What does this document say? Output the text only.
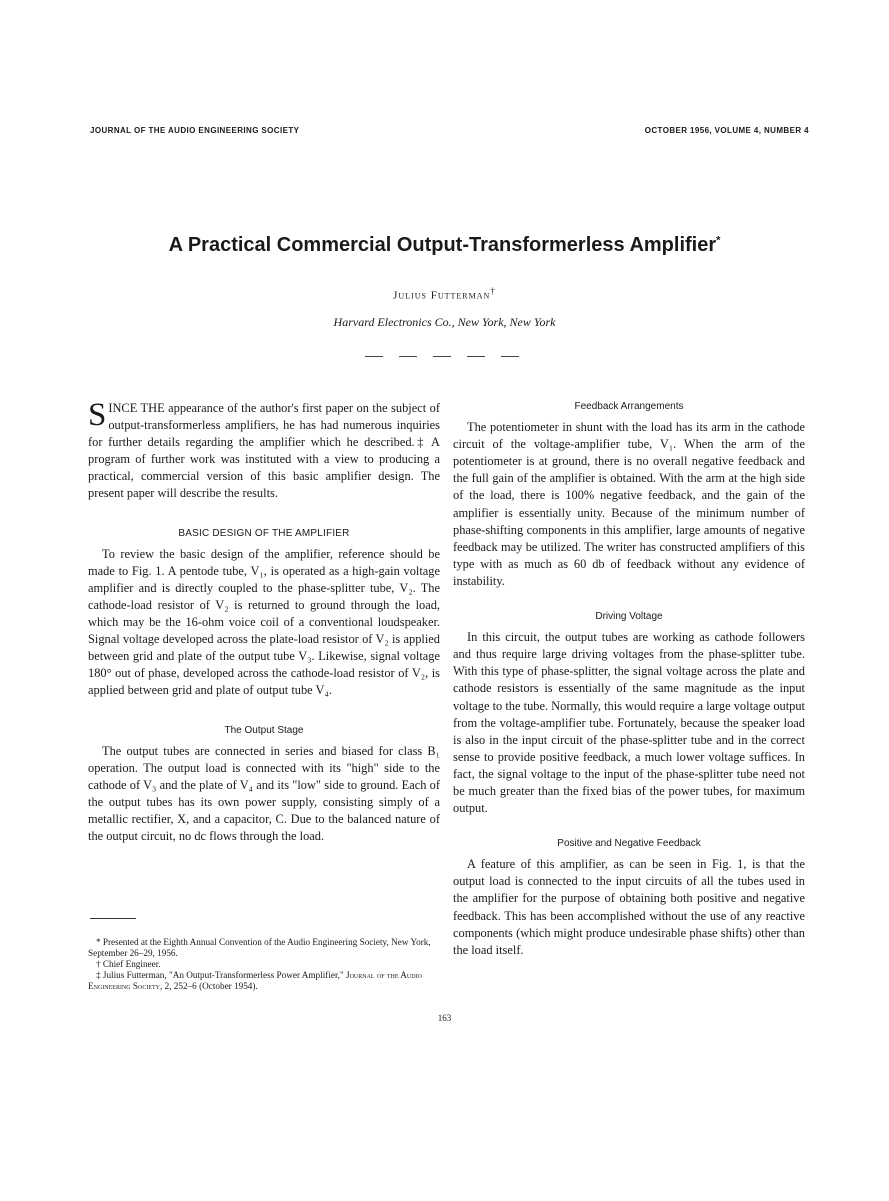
JOURNAL OF THE AUDIO ENGINEERING SOCIETY	OCTOBER 1956, VOLUME 4, NUMBER 4
A Practical Commercial Output-Transformerless Amplifier*
Julius Futterman†
Harvard Electronics Co., New York, New York

SINCE THE appearance of the author's first paper on the subject of output-transformerless amplifiers, he has had numerous inquiries for further details regarding the amplifier which he described.‡ A program of further work was instituted with a view to producing a practical, commercial version of this basic amplifier design. The present paper will describe the results.

BASIC DESIGN OF THE AMPLIFIER

To review the basic design of the amplifier, reference should be made to Fig. 1. A pentode tube, V₁, is operated as a high-gain voltage amplifier and is directly coupled to the phase-splitter tube, V₂. The cathode-load resistor of V₂ is returned to ground through the load, which may be the 16-ohm voice coil of a conventional loudspeaker. Signal voltage developed across the plate-load resistor of V₂ is applied between grid and plate of the output tube V₃. Likewise, signal voltage 180° out of phase, developed across the cathode-load resistor of V₂, is applied between grid and plate of output tube V₄.

The Output Stage

The output tubes are connected in series and biased for class B₁ operation. The output load is connected with its "high" side to the cathode of V₃ and the plate of V₄ and its "low" side to ground. Each of the output tubes has its own power supply, consisting simply of a metallic rectifier, X, and a capacitor, C. Due to the balanced nature of the output circuit, no dc flows through the load.

Feedback Arrangements

The potentiometer in shunt with the load has its arm in the cathode circuit of the voltage-amplifier tube, V₁. When the arm of the potentiometer is at ground, there is no overall negative feedback and the full gain of the amplifier is obtained. With the arm at the high side of the load, there is 100% negative feedback, and the gain of the amplifier is essentially unity. Because of the minimum number of phase-shifting components in this amplifier, large amounts of negative feedback may be utilized. The writer has constructed amplifiers of this type with as much as 60 db of feedback without any evidence of instability.

Driving Voltage

In this circuit, the output tubes are working as cathode followers and thus require large driving voltages from the phase-splitter tube. With this type of phase-splitter, the signal voltage across the plate and cathode resistors is essentially of the same magnitude as the input voltage to the tube. Normally, this would require a large voltage output from the voltage-amplifier tube. Fortunately, because the speaker load is also in the input circuit of the phase-splitter tube and in the correct sense to provide positive feedback, a much lower voltage suffices. In fact, the signal voltage to the input of the phase-splitter tube need not be much greater than the fixed bias of the power tubes, for maximum output.

Positive and Negative Feedback

A feature of this amplifier, as can be seen in Fig. 1, is that the output load is connected to the input circuits of all the tubes used in the amplifier for the purpose of obtaining both positive and negative feedback. This has been accomplished without the use of any reactive components (which might produce undesirable phase shifts) other than the load itself.

* Presented at the Eighth Annual Convention of the Audio Engineering Society, New York, September 26–29, 1956.

† Chief Engineer.

‡ Julius Futterman, "An Output-Transformerless Power Amplifier," Journal of the Audio Engineering Society, 2, 252–6 (October 1954).

163
